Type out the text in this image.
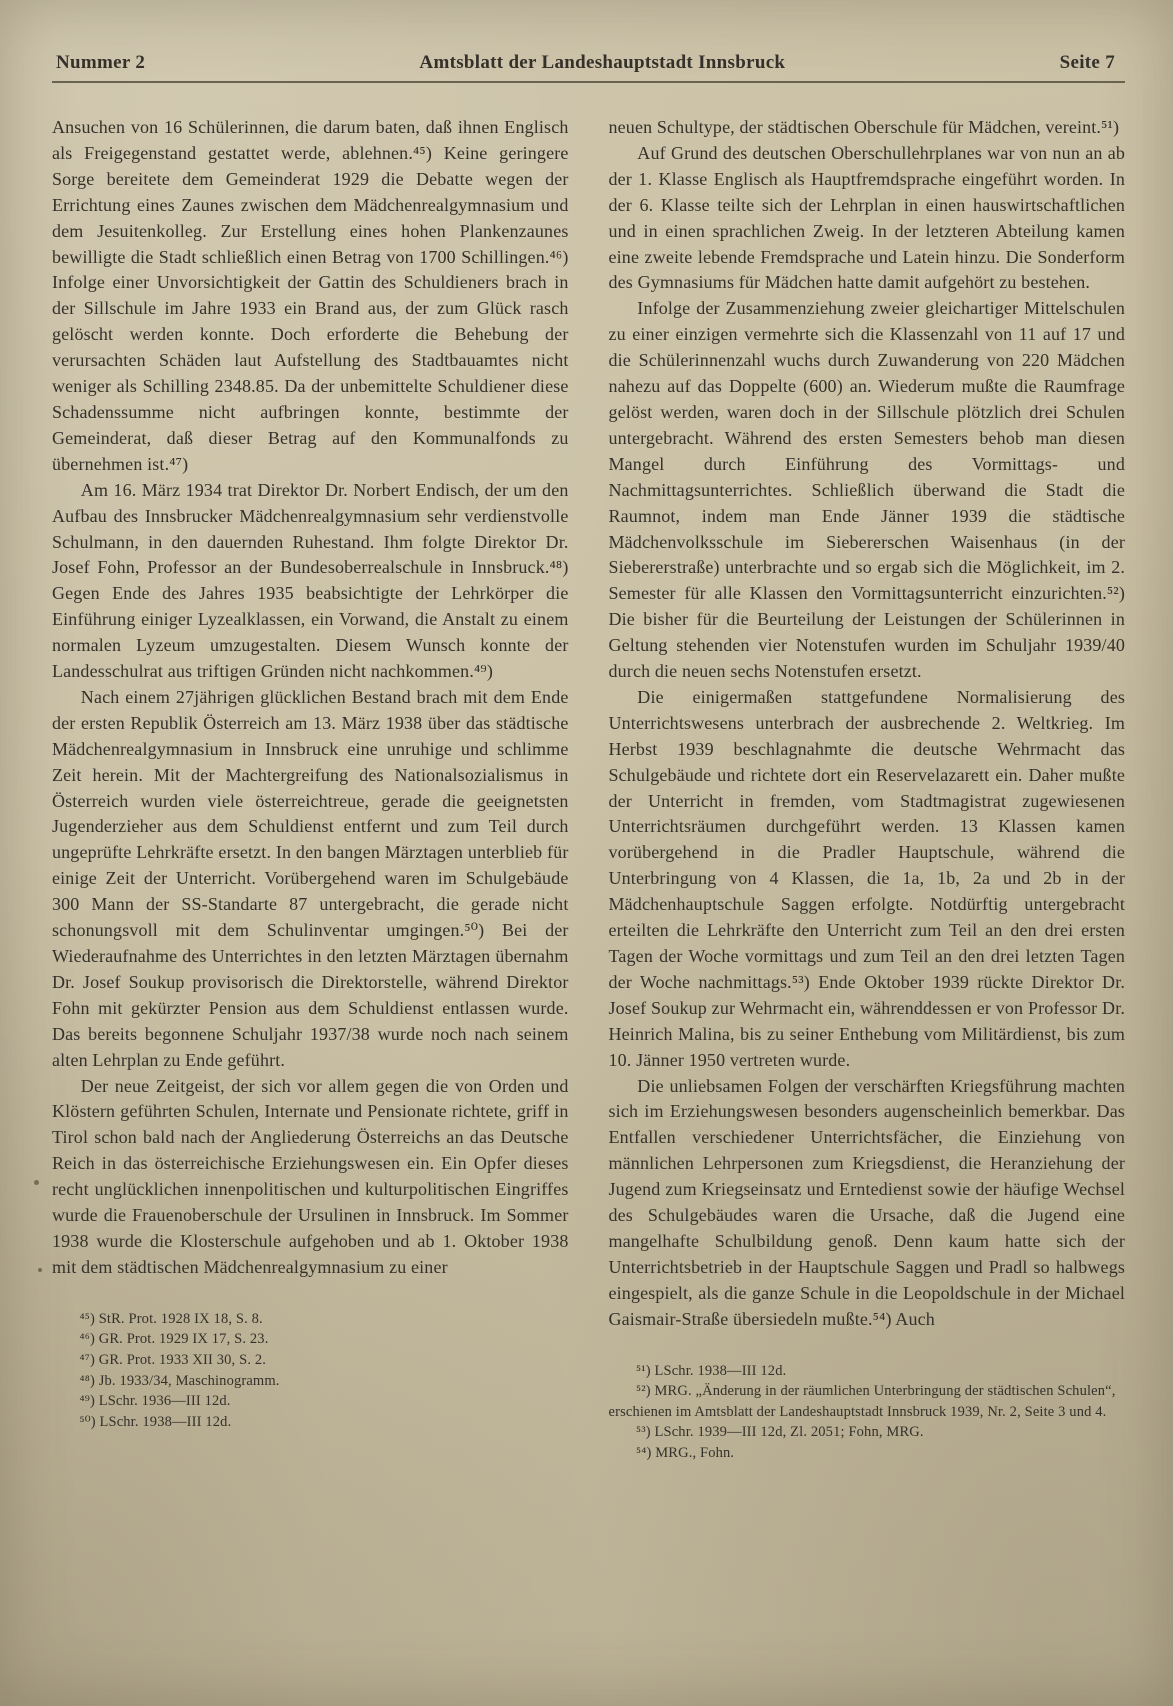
Nummer 2	Amtsblatt der Landeshauptstadt Innsbruck	Seite 7

Ansuchen von 16 Schülerinnen, die darum baten, daß ihnen Englisch als Freigegenstand gestattet werde, ablehnen.⁴⁵) Keine geringere Sorge bereitete dem Gemeinderat 1929 die Debatte wegen der Errichtung eines Zaunes zwischen dem Mädchenrealgymnasium und dem Jesuitenkolleg. Zur Erstellung eines hohen Plankenzaunes bewilligte die Stadt schließlich einen Betrag von 1700 Schillingen.⁴⁶) Infolge einer Unvorsichtigkeit der Gattin des Schuldieners brach in der Sillschule im Jahre 1933 ein Brand aus, der zum Glück rasch gelöscht werden konnte. Doch erforderte die Behebung der verursachten Schäden laut Aufstellung des Stadtbauamtes nicht weniger als Schilling 2348.85. Da der unbemittelte Schuldiener diese Schadenssumme nicht aufbringen konnte, bestimmte der Gemeinderat, daß dieser Betrag auf den Kommunalfonds zu übernehmen ist.⁴⁷)

Am 16. März 1934 trat Direktor Dr. Norbert Endisch, der um den Aufbau des Innsbrucker Mädchenrealgymnasium sehr verdienstvolle Schulmann, in den dauernden Ruhestand. Ihm folgte Direktor Dr. Josef Fohn, Professor an der Bundesoberrealschule in Innsbruck.⁴⁸) Gegen Ende des Jahres 1935 beabsichtigte der Lehrkörper die Einführung einiger Lyzealklassen, ein Vorwand, die Anstalt zu einem normalen Lyzeum umzugestalten. Diesem Wunsch konnte der Landesschulrat aus triftigen Gründen nicht nachkommen.⁴⁹)

Nach einem 27jährigen glücklichen Bestand brach mit dem Ende der ersten Republik Österreich am 13. März 1938 über das städtische Mädchenrealgymnasium in Innsbruck eine unruhige und schlimme Zeit herein. Mit der Machtergreifung des Nationalsozialismus in Österreich wurden viele österreichtreue, gerade die geeignetsten Jugenderzieher aus dem Schuldienst entfernt und zum Teil durch ungeprüfte Lehrkräfte ersetzt. In den bangen Märztagen unterblieb für einige Zeit der Unterricht. Vorübergehend waren im Schulgebäude 300 Mann der SS-Standarte 87 untergebracht, die gerade nicht schonungsvoll mit dem Schulinventar umgingen.⁵⁰) Bei der Wiederaufnahme des Unterrichtes in den letzten Märztagen übernahm Dr. Josef Soukup provisorisch die Direktorstelle, während Direktor Fohn mit gekürzter Pension aus dem Schuldienst entlassen wurde. Das bereits begonnene Schuljahr 1937/38 wurde noch nach seinem alten Lehrplan zu Ende geführt.

Der neue Zeitgeist, der sich vor allem gegen die von Orden und Klöstern geführten Schulen, Internate und Pensionate richtete, griff in Tirol schon bald nach der Angliederung Österreichs an das Deutsche Reich in das österreichische Erziehungswesen ein. Ein Opfer dieses recht unglücklichen innenpolitischen und kulturpolitischen Eingriffes wurde die Frauenoberschule der Ursulinen in Innsbruck. Im Sommer 1938 wurde die Klosterschule aufgehoben und ab 1. Oktober 1938 mit dem städtischen Mädchenrealgymnasium zu einer

⁴⁵) StR. Prot. 1928 IX 18, S. 8.

⁴⁶) GR. Prot. 1929 IX 17, S. 23.

⁴⁷) GR. Prot. 1933 XII 30, S. 2.

⁴⁸) Jb. 1933/34, Maschinogramm.

⁴⁹) LSchr. 1936—III 12d.

⁵⁰) LSchr. 1938—III 12d.

neuen Schultype, der städtischen Oberschule für Mädchen, vereint.⁵¹)

Auf Grund des deutschen Oberschullehrplanes war von nun an ab der 1. Klasse Englisch als Hauptfremdsprache eingeführt worden. In der 6. Klasse teilte sich der Lehrplan in einen hauswirtschaftlichen und in einen sprachlichen Zweig. In der letzteren Abteilung kamen eine zweite lebende Fremdsprache und Latein hinzu. Die Sonderform des Gymnasiums für Mädchen hatte damit aufgehört zu bestehen.

Infolge der Zusammenziehung zweier gleichartiger Mittelschulen zu einer einzigen vermehrte sich die Klassenzahl von 11 auf 17 und die Schülerinnenzahl wuchs durch Zuwanderung von 220 Mädchen nahezu auf das Doppelte (600) an. Wiederum mußte die Raumfrage gelöst werden, waren doch in der Sillschule plötzlich drei Schulen untergebracht. Während des ersten Semesters behob man diesen Mangel durch Einführung des Vormittags- und Nachmittagsunterrichtes. Schließlich überwand die Stadt die Raumnot, indem man Ende Jänner 1939 die städtische Mädchenvolksschule im Siebererschen Waisenhaus (in der Siebererstraße) unterbrachte und so ergab sich die Möglichkeit, im 2. Semester für alle Klassen den Vormittagsunterricht einzurichten.⁵²) Die bisher für die Beurteilung der Leistungen der Schülerinnen in Geltung stehenden vier Notenstufen wurden im Schuljahr 1939/40 durch die neuen sechs Notenstufen ersetzt.

Die einigermaßen stattgefundene Normalisierung des Unterrichtswesens unterbrach der ausbrechende 2. Weltkrieg. Im Herbst 1939 beschlagnahmte die deutsche Wehrmacht das Schulgebäude und richtete dort ein Reservelazarett ein. Daher mußte der Unterricht in fremden, vom Stadtmagistrat zugewiesenen Unterrichtsräumen durchgeführt werden. 13 Klassen kamen vorübergehend in die Pradler Hauptschule, während die Unterbringung von 4 Klassen, die 1a, 1b, 2a und 2b in der Mädchenhauptschule Saggen erfolgte. Notdürftig untergebracht erteilten die Lehrkräfte den Unterricht zum Teil an den drei ersten Tagen der Woche vormittags und zum Teil an den drei letzten Tagen der Woche nachmittags.⁵³) Ende Oktober 1939 rückte Direktor Dr. Josef Soukup zur Wehrmacht ein, währenddessen er von Professor Dr. Heinrich Malina, bis zu seiner Enthebung vom Militärdienst, bis zum 10. Jänner 1950 vertreten wurde.

Die unliebsamen Folgen der verschärften Kriegsführung machten sich im Erziehungswesen besonders augenscheinlich bemerkbar. Das Entfallen verschiedener Unterrichtsfächer, die Einziehung von männlichen Lehrpersonen zum Kriegsdienst, die Heranziehung der Jugend zum Kriegseinsatz und Erntedienst sowie der häufige Wechsel des Schulgebäudes waren die Ursache, daß die Jugend eine mangelhafte Schulbildung genoß. Denn kaum hatte sich der Unterrichtsbetrieb in der Hauptschule Saggen und Pradl so halbwegs eingespielt, als die ganze Schule in die Leopoldschule in der Michael Gaismair-Straße übersiedeln mußte.⁵⁴) Auch

⁵¹) LSchr. 1938—III 12d.

⁵²) MRG. „Änderung in der räumlichen Unterbringung der städtischen Schulen“, erschienen im Amtsblatt der Landeshauptstadt Innsbruck 1939, Nr. 2, Seite 3 und 4.

⁵³) LSchr. 1939—III 12d, Zl. 2051; Fohn, MRG.

⁵⁴) MRG., Fohn.
